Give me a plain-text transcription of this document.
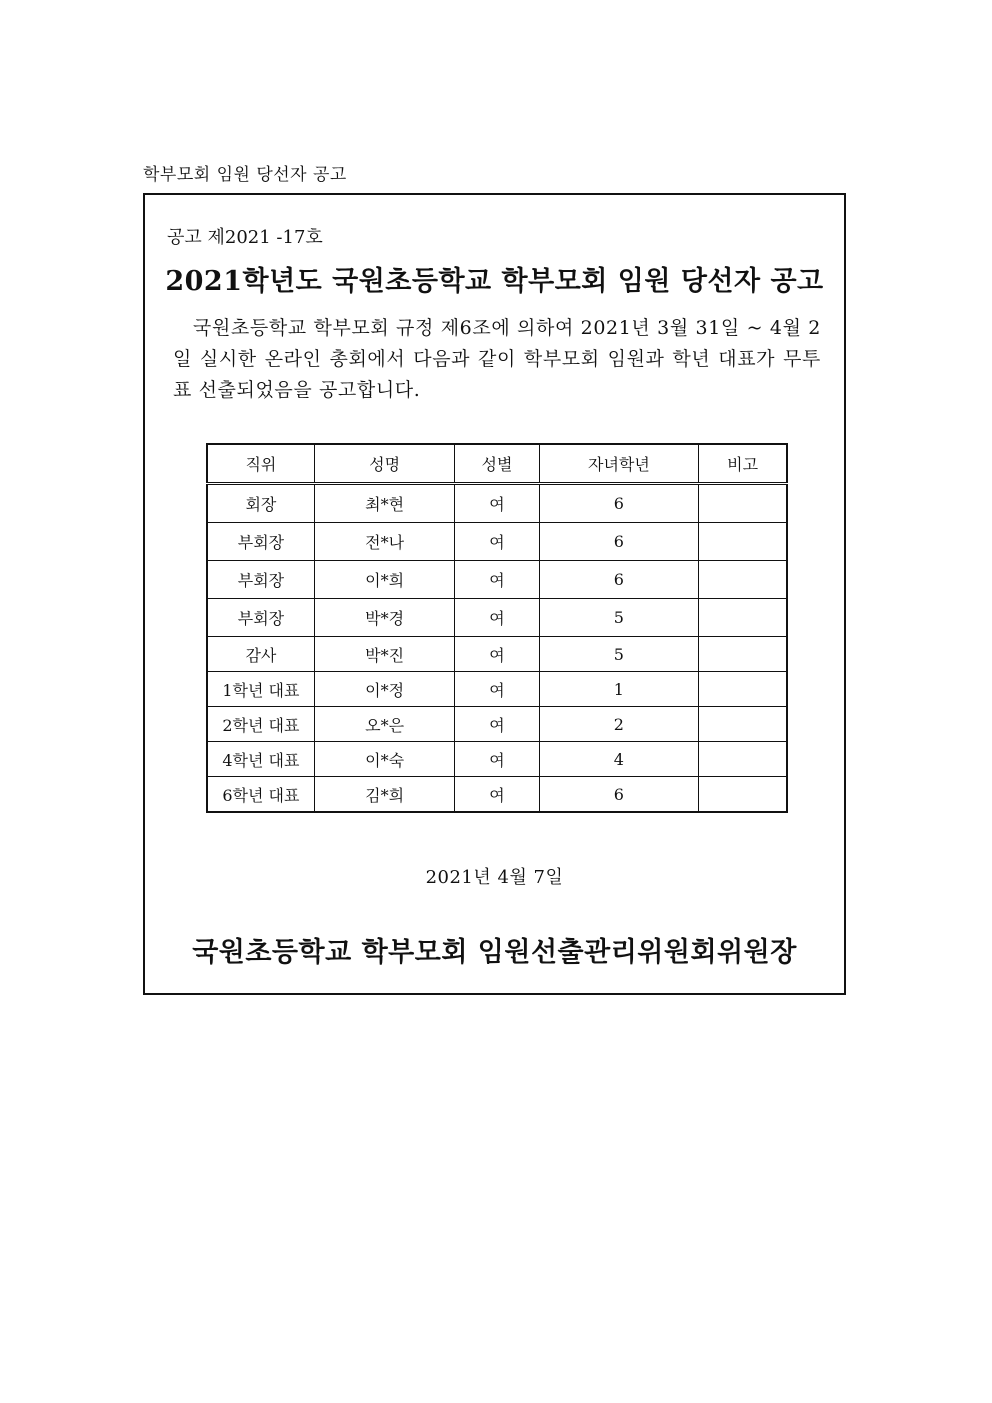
학부모회 임원 당선자 공고
공고 제2021 -17호
2021학년도 국원초등학교 학부모회 임원 당선자 공고

국원초등학교 학부모회 규정 제6조에 의하여 2021년 3월 31일 ~ 4월 2일 실시한 온라인 총회에서 다음과 같이 학부모회 임원과 학년 대표가 무투표 선출되었음을 공고합니다.

직위	성명	성별	자녀학년	비고
회장	최*현	여	6	
부회장	전*나	여	6	
부회장	이*희	여	6	
부회장	박*경	여	5	
감사	박*진	여	5	
1학년 대표	이*정	여	1	
2학년 대표	오*은	여	2	
4학년 대표	이*숙	여	4	
6학년 대표	김*희	여	6	
2021년 4월 7일
국원초등학교 학부모회 임원선출관리위원회위원장
